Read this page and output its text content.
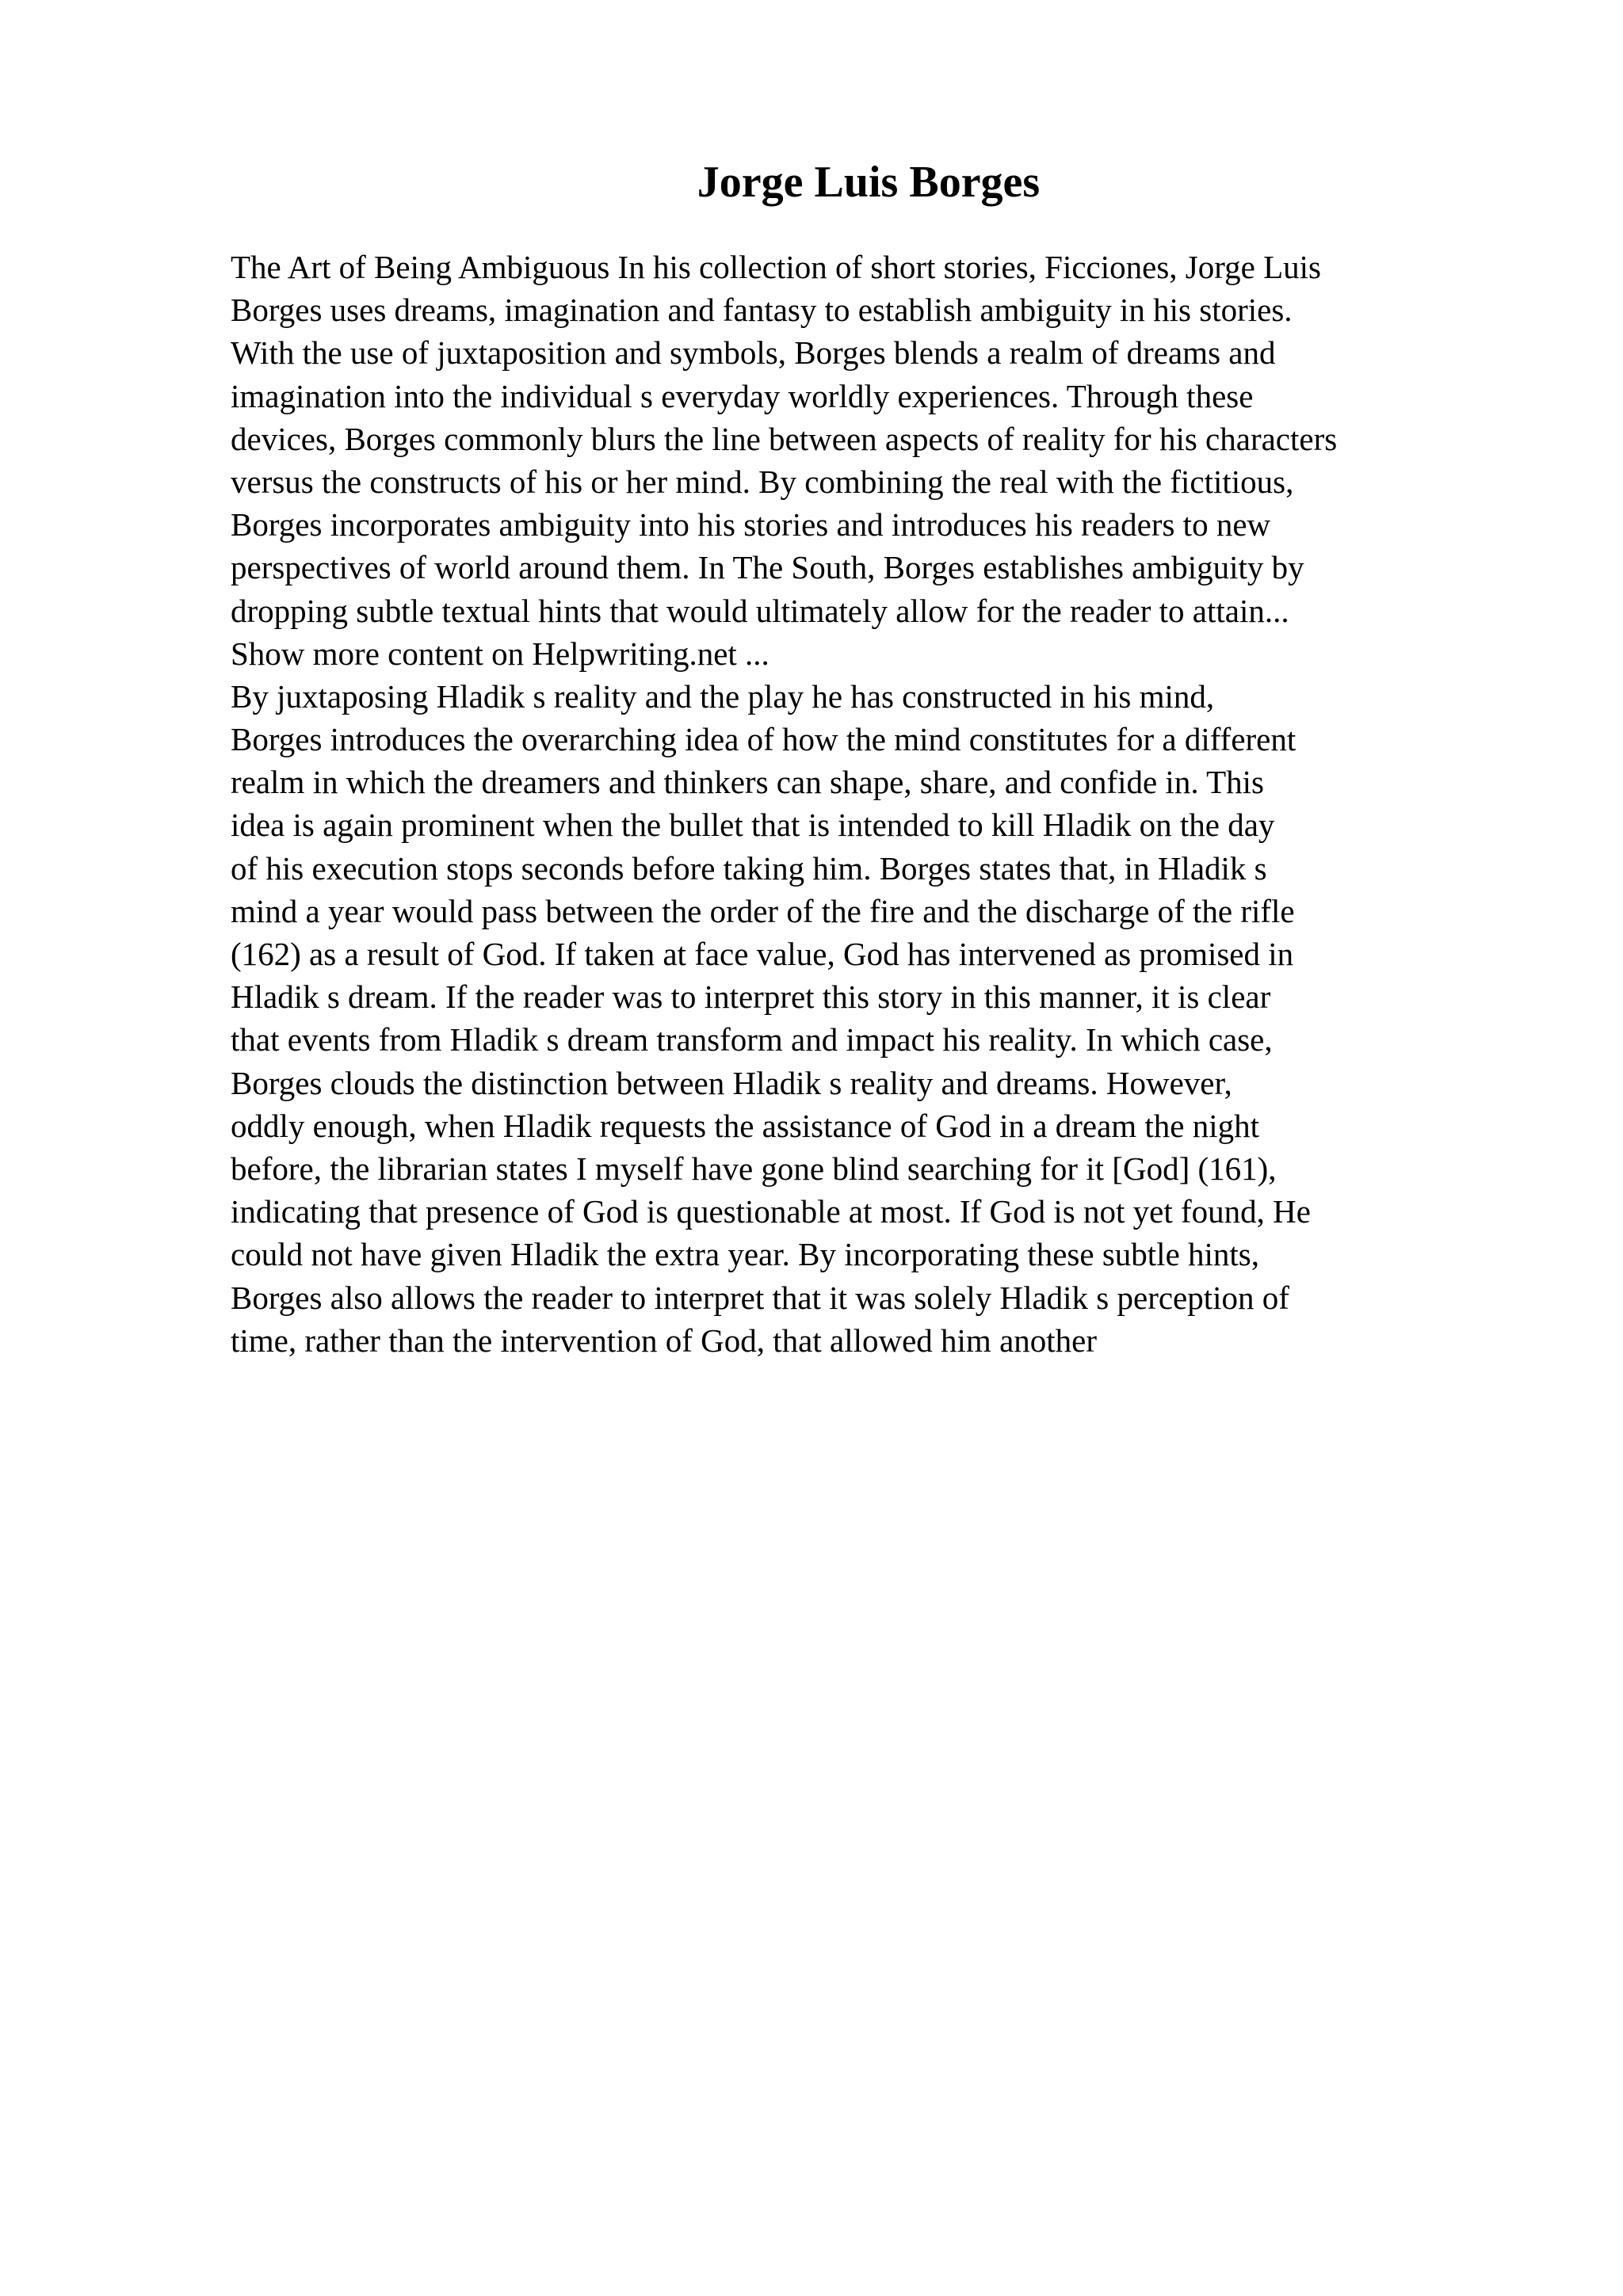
Jorge Luis Borges
The Art of Being Ambiguous In his collection of short stories, Ficciones, Jorge Luis
Borges uses dreams, imagination and fantasy to establish ambiguity in his stories.
With the use of juxtaposition and symbols, Borges blends a realm of dreams and
imagination into the individual s everyday worldly experiences. Through these
devices, Borges commonly blurs the line between aspects of reality for his characters
versus the constructs of his or her mind. By combining the real with the fictitious,
Borges incorporates ambiguity into his stories and introduces his readers to new
perspectives of world around them. In The South, Borges establishes ambiguity by
dropping subtle textual hints that would ultimately allow for the reader to attain...
Show more content on Helpwriting.net ...
By juxtaposing Hladik s reality and the play he has constructed in his mind,
Borges introduces the overarching idea of how the mind constitutes for a different
realm in which the dreamers and thinkers can shape, share, and confide in. This
idea is again prominent when the bullet that is intended to kill Hladik on the day
of his execution stops seconds before taking him. Borges states that, in Hladik s
mind a year would pass between the order of the fire and the discharge of the rifle
(162) as a result of God. If taken at face value, God has intervened as promised in
Hladik s dream. If the reader was to interpret this story in this manner, it is clear
that events from Hladik s dream transform and impact his reality. In which case,
Borges clouds the distinction between Hladik s reality and dreams. However,
oddly enough, when Hladik requests the assistance of God in a dream the night
before, the librarian states I myself have gone blind searching for it [God] (161),
indicating that presence of God is questionable at most. If God is not yet found, He
could not have given Hladik the extra year. By incorporating these subtle hints,
Borges also allows the reader to interpret that it was solely Hladik s perception of
time, rather than the intervention of God, that allowed him another
